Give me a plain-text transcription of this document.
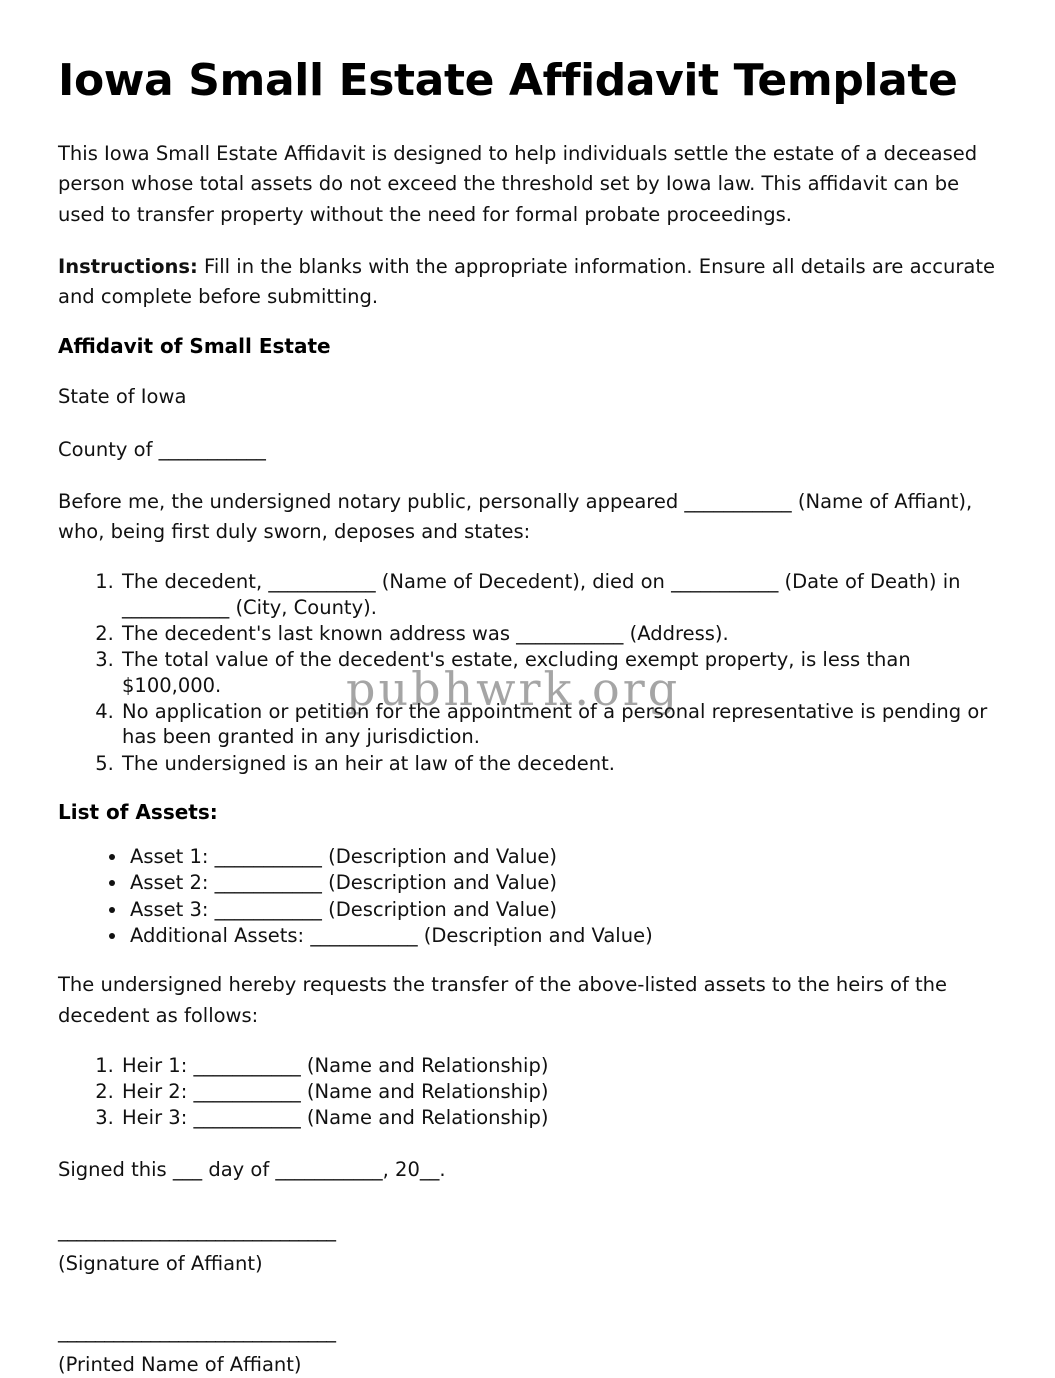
Iowa Small Estate Affidavit Template

This Iowa Small Estate Affidavit is designed to help individuals settle the estate of a deceased person whose total assets do not exceed the threshold set by Iowa law. This affidavit can be used to transfer property without the need for formal probate proceedings.

Instructions: Fill in the blanks with the appropriate information. Ensure all details are accurate and complete before submitting.

Affidavit of Small Estate

State of Iowa

County of ___________

Before me, the undersigned notary public, personally appeared ___________ (Name of Affiant), who, being first duly sworn, deposes and states:

1. The decedent, ___________ (Name of Decedent), died on ___________ (Date of Death) in ___________ (City, County).
2. The decedent's last known address was ___________ (Address).
3. The total value of the decedent's estate, excluding exempt property, is less than $100,000.
4. No application or petition for the appointment of a personal representative is pending or has been granted in any jurisdiction.
5. The undersigned is an heir at law of the decedent.
List of Assets:
• Asset 1: ___________ (Description and Value)
• Asset 2: ___________ (Description and Value)
• Asset 3: ___________ (Description and Value)
• Additional Assets: ___________ (Description and Value)

The undersigned hereby requests the transfer of the above-listed assets to the heirs of the decedent as follows:

1. Heir 1: ___________ (Name and Relationship)
2. Heir 2: ___________ (Name and Relationship)
3. Heir 3: ___________ (Name and Relationship)

Signed this ___ day of ___________, 20__.

______________________________
(Signature of Affiant)
______________________________
(Printed Name of Affiant)
pubhwrk.org
